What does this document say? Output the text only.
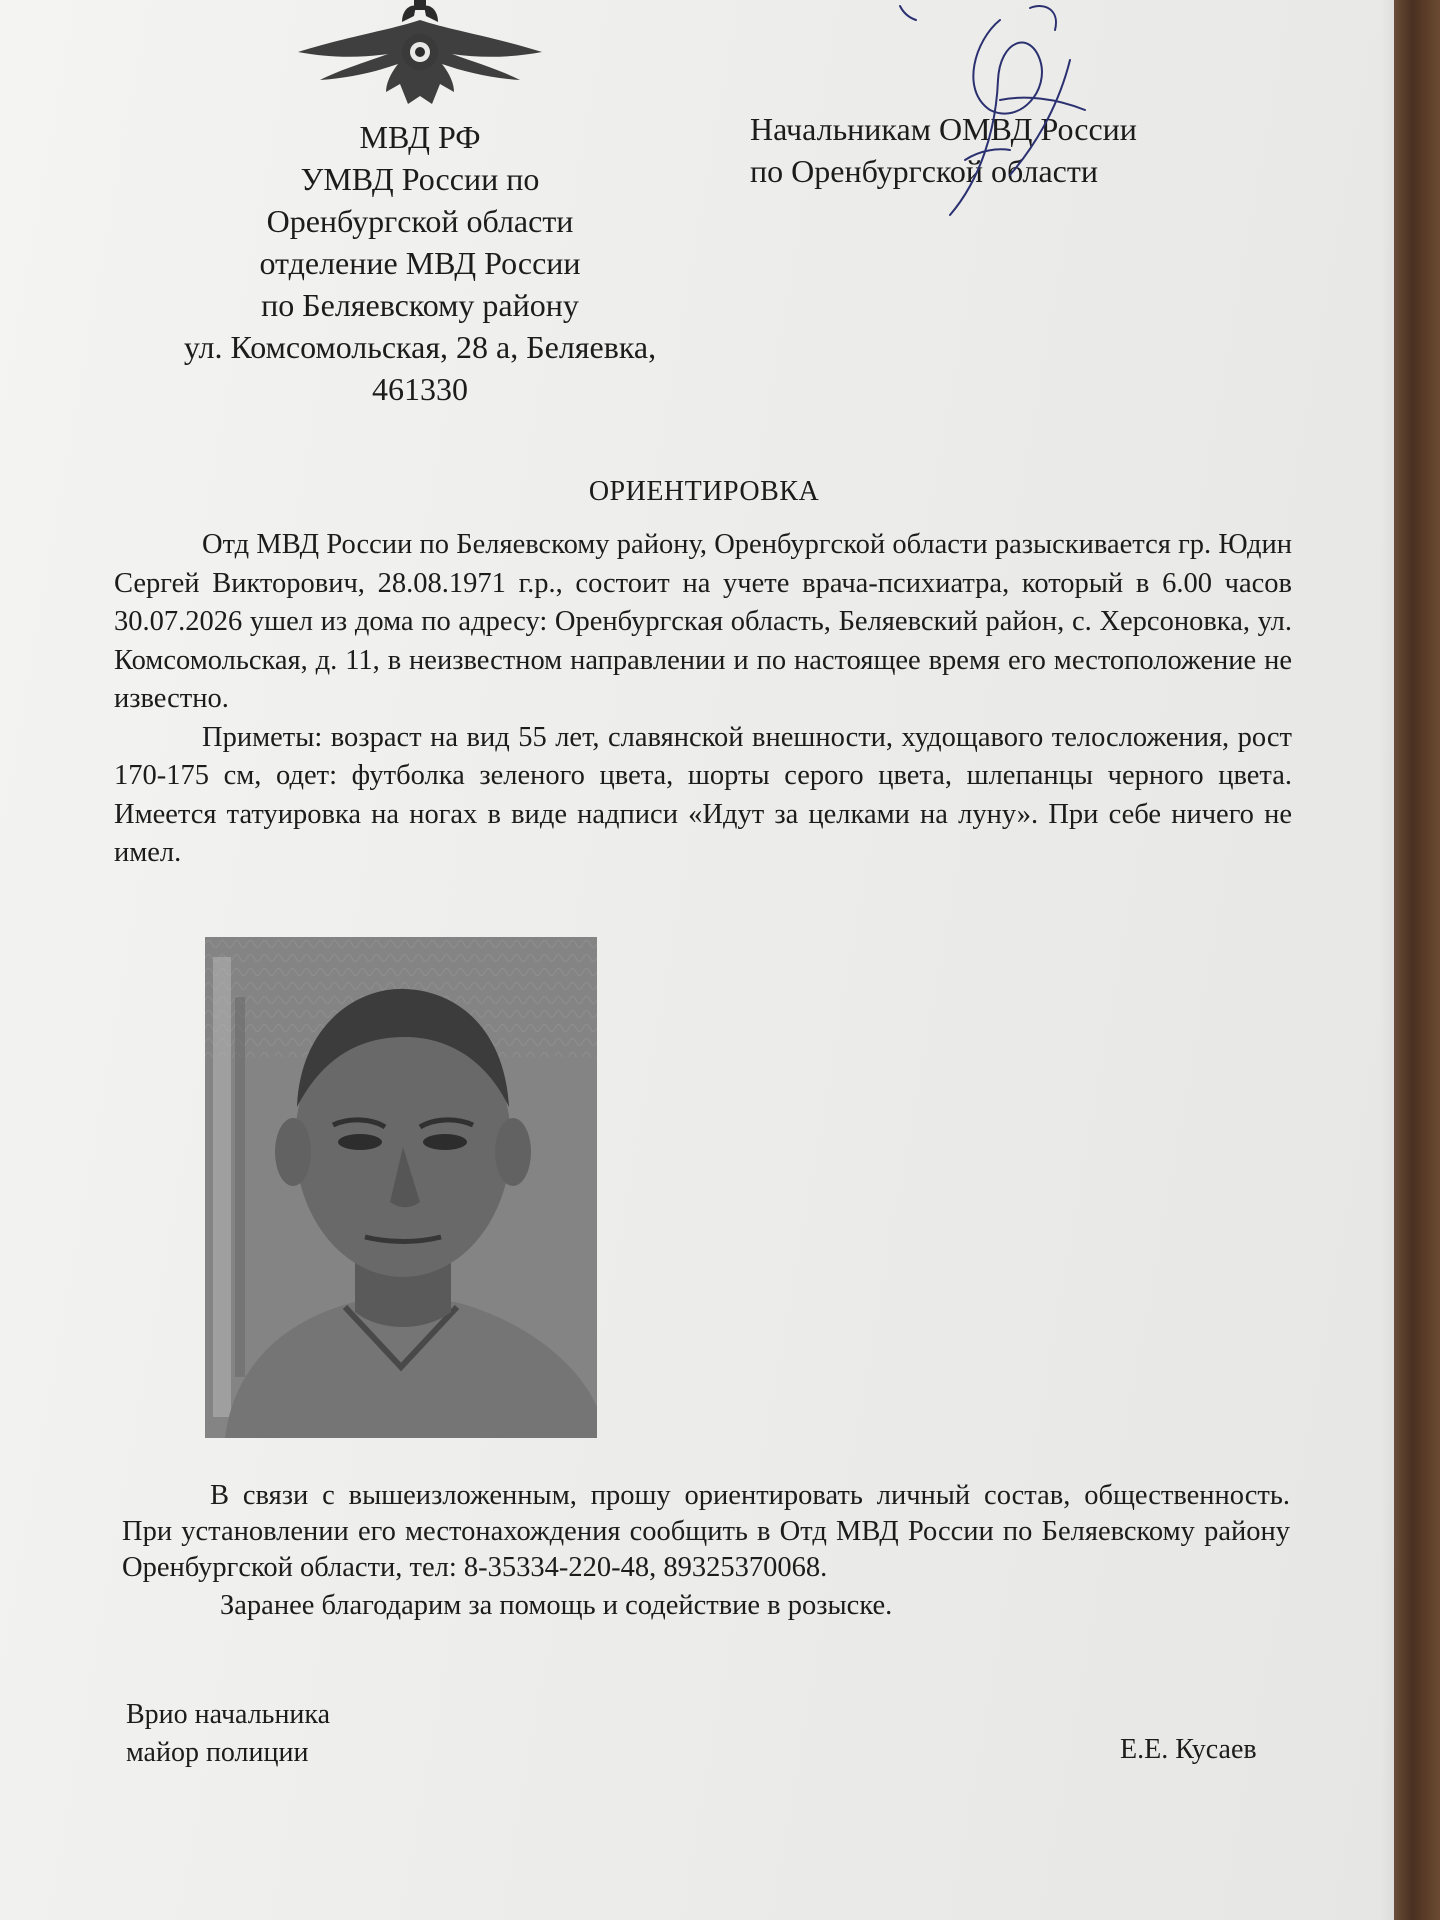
МВД РФ
УМВД России по
Оренбургской области
отделение МВД России
по Беляевскому району
ул. Комсомольская, 28 а, Беляевка,
461330
Начальникам ОМВД России
по Оренбургской области
ОРИЕНТИРОВКА

Отд МВД России по Беляевскому району, Оренбургской области разыскивается гр. Юдин Сергей Викторович, 28.08.1971 г.р., состоит на учете врача-психиатра, который в 6.00 часов 30.07.2026 ушел из дома по адресу: Оренбургская область, Беляевский район, с. Херсоновка, ул. Комсомольская, д. 11, в неизвестном направлении и по настоящее время его местоположение не известно.

Приметы: возраст на вид 55 лет, славянской внешности, худощавого телосложения, рост 170-175 см, одет: футболка зеленого цвета, шорты серого цвета, шлепанцы черного цвета. Имеется татуировка на ногах в виде надписи «Идут за целками на луну». При себе ничего не имел.

В связи с вышеизложенным, прошу ориентировать личный состав, общественность. При установлении его местонахождения сообщить в Отд МВД России по Беляевскому району Оренбургской области, тел: 8-35334-220-48, 89325370068.

Заранее благодарим за помощь и содействие в розыске.

Врио начальника
майор полиции	Е.Е. Кусаев
